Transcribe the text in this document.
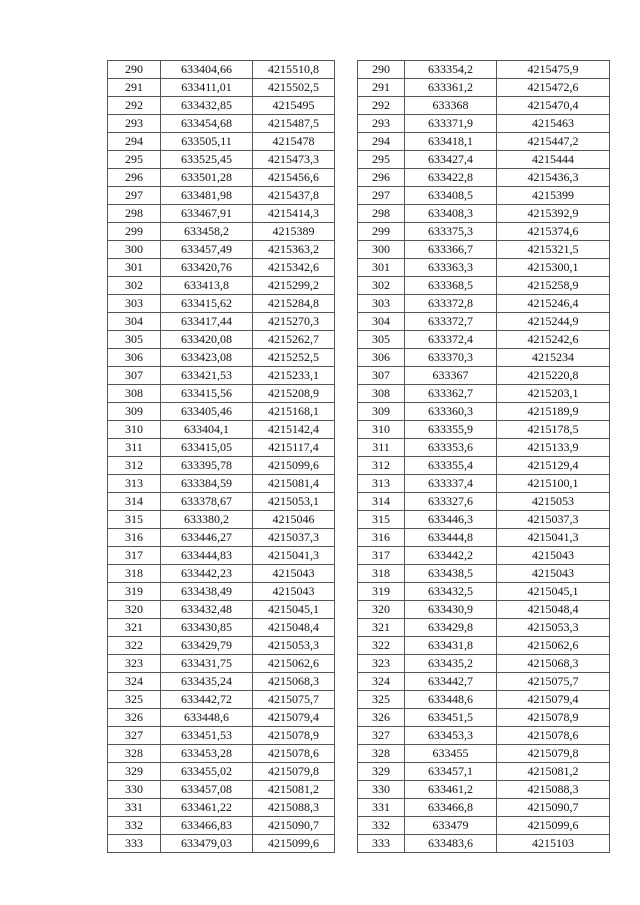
290	633404,66	4215510,8
291	633411,01	4215502,5
292	633432,85	4215495
293	633454,68	4215487,5
294	633505,11	4215478
295	633525,45	4215473,3
296	633501,28	4215456,6
297	633481,98	4215437,8
298	633467,91	4215414,3
299	633458,2	4215389
300	633457,49	4215363,2
301	633420,76	4215342,6
302	633413,8	4215299,2
303	633415,62	4215284,8
304	633417,44	4215270,3
305	633420,08	4215262,7
306	633423,08	4215252,5
307	633421,53	4215233,1
308	633415,56	4215208,9
309	633405,46	4215168,1
310	633404,1	4215142,4
311	633415,05	4215117,4
312	633395,78	4215099,6
313	633384,59	4215081,4
314	633378,67	4215053,1
315	633380,2	4215046
316	633446,27	4215037,3
317	633444,83	4215041,3
318	633442,23	4215043
319	633438,49	4215043
320	633432,48	4215045,1
321	633430,85	4215048,4
322	633429,79	4215053,3
323	633431,75	4215062,6
324	633435,24	4215068,3
325	633442,72	4215075,7
326	633448,6	4215079,4
327	633451,53	4215078,9
328	633453,28	4215078,6
329	633455,02	4215079,8
330	633457,08	4215081,2
331	633461,22	4215088,3
332	633466,83	4215090,7
333	633479,03	4215099,6
290	633354,2	4215475,9
291	633361,2	4215472,6
292	633368	4215470,4
293	633371,9	4215463
294	633418,1	4215447,2
295	633427,4	4215444
296	633422,8	4215436,3
297	633408,5	4215399
298	633408,3	4215392,9
299	633375,3	4215374,6
300	633366,7	4215321,5
301	633363,3	4215300,1
302	633368,5	4215258,9
303	633372,8	4215246,4
304	633372,7	4215244,9
305	633372,4	4215242,6
306	633370,3	4215234
307	633367	4215220,8
308	633362,7	4215203,1
309	633360,3	4215189,9
310	633355,9	4215178,5
311	633353,6	4215133,9
312	633355,4	4215129,4
313	633337,4	4215100,1
314	633327,6	4215053
315	633446,3	4215037,3
316	633444,8	4215041,3
317	633442,2	4215043
318	633438,5	4215043
319	633432,5	4215045,1
320	633430,9	4215048,4
321	633429,8	4215053,3
322	633431,8	4215062,6
323	633435,2	4215068,3
324	633442,7	4215075,7
325	633448,6	4215079,4
326	633451,5	4215078,9
327	633453,3	4215078,6
328	633455	4215079,8
329	633457,1	4215081,2
330	633461,2	4215088,3
331	633466,8	4215090,7
332	633479	4215099,6
333	633483,6	4215103
